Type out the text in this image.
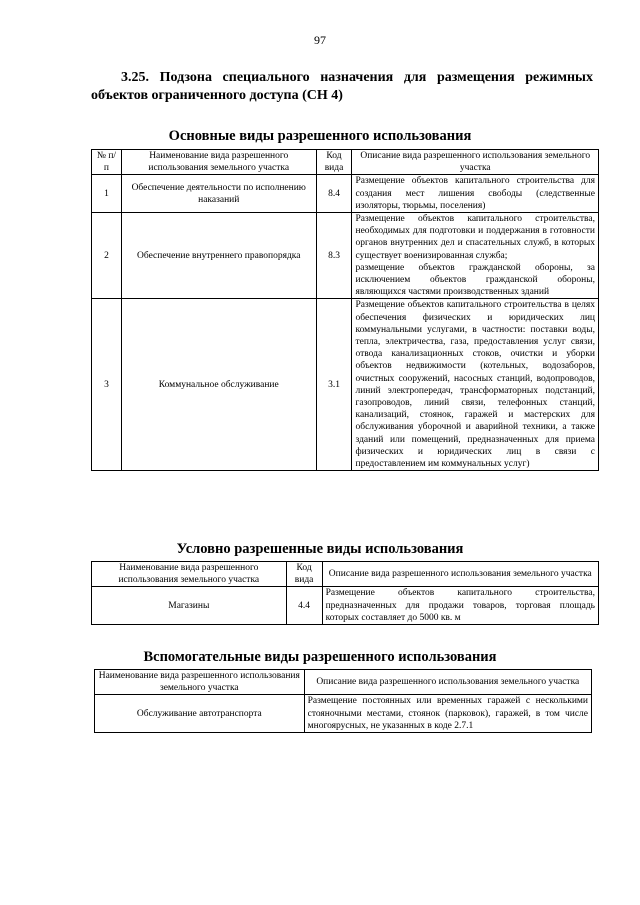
97
3.25. Подзона специального назначения для размещения режимных объектов ограниченного доступа (СН 4)
Основные виды разрешенного использования
№ п/п	Наименование вида разрешенного использования земельного участка	Код вида	Описание вида разрешенного использования земельного участка
1	Обеспечение деятельности по исполнению наказаний	8.4	Размещение объектов капитального строительства для создания мест лишения свободы (следственные изоляторы, тюрьмы, поселения)
2	Обеспечение внутреннего правопорядка	8.3	Размещение объектов капитального строительства, необходимых для подготовки и поддержания в готовности органов внутренних дел и спасательных служб, в которых существует военизированная служба;
размещение объектов гражданской обороны, за исключением объектов гражданской обороны, являющихся частями производственных зданий

3	Коммунальное обслуживание	3.1	Размещение объектов капитального строительства в целях обеспечения физических и юридических лиц коммунальными услугами, в частности: поставки воды, тепла, электричества, газа, предоставления услуг связи, отвода канализационных стоков, очистки и уборки объектов недвижимости (котельных, водозаборов, очистных сооружений, насосных станций, водопроводов, линий электропередач, трансформаторных подстанций, газопроводов, линий связи, телефонных станций, канализаций, стоянок, гаражей и мастерских для обслуживания уборочной и аварийной техники, а также зданий или помещений, предназначенных для приема физических и юридических лиц в связи с предоставлением им коммунальных услуг)
Условно разрешенные виды использования
Наименование вида разрешенного использования земельного участка	Код вида	Описание вида разрешенного использования земельного участка
Магазины	4.4	Размещение объектов капитального строительства, предназначенных для продажи товаров, торговая площадь которых составляет до 5000 кв. м
Вспомогательные виды разрешенного использования
Наименование вида разрешенного использования земельного участка	Описание вида разрешенного использования земельного участка
Обслуживание автотранспорта	Размещение постоянных или временных гаражей с несколькими стояночными местами, стоянок (парковок), гаражей, в том числе многоярусных, не указанных в коде 2.7.1
